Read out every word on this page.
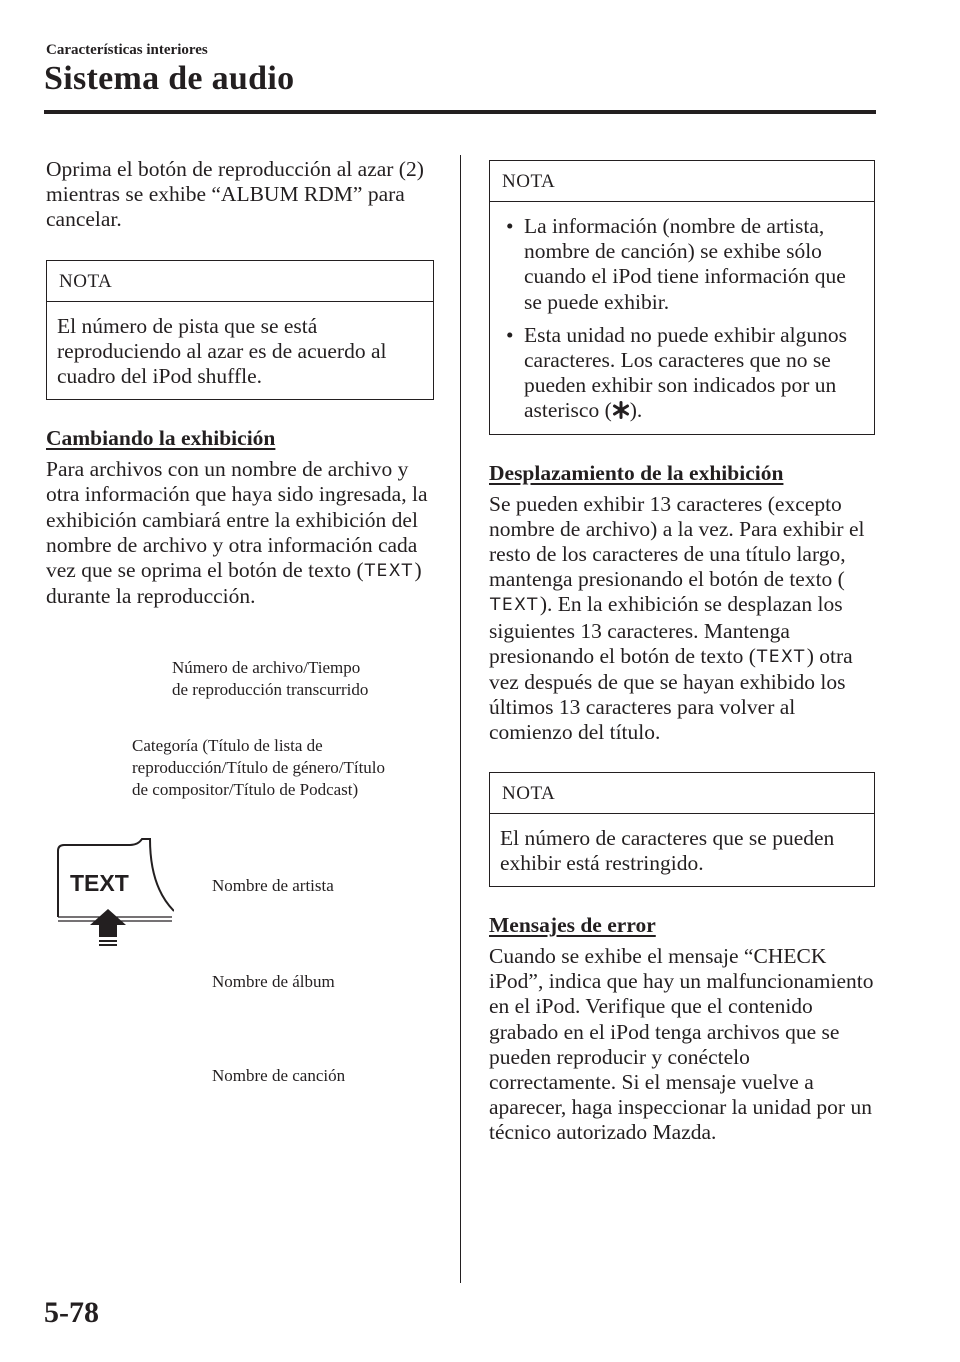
Características interiores
Sistema de audio

Oprima el botón de reproducción al azar (2) mientras se exhibe “ALBUM RDM” para cancelar.

NOTA

El número de pista que se está reproduciendo al azar es de acuerdo al cuadro del iPod shuffle.

Cambiando la exhibición

Para archivos con un nombre de archivo y otra información que haya sido ingresada, la exhibición cambiará entre la exhibición del nombre de archivo y otra información cada vez que se oprima el botón de texto (TEXT) durante la reproducción.

Número de archivo/Tiempo
de reproducción transcurrido
Categoría (Título de lista de
reproducción/Título de género/Título
de compositor/Título de Podcast)
TEXT	Nombre de artista
Nombre de álbum
Nombre de canción
NOTA
• La información (nombre de artista, nombre de canción) se exhibe sólo cuando el iPod tiene información que se puede exhibir.
• Esta unidad no puede exhibir algunos caracteres. Los caracteres que no se pueden exhibir son indicados por un asterisco ( ).
Desplazamiento de la exhibición

Se pueden exhibir 13 caracteres (excepto nombre de archivo) a la vez. Para exhibir el resto de los caracteres de una título largo, mantenga presionando el botón de texto (TEXT). En la exhibición se desplazan los siguientes 13 caracteres. Mantenga presionando el botón de texto (TEXT) otra vez después de que se hayan exhibido los últimos 13 caracteres para volver al comienzo del título.

NOTA

El número de caracteres que se pueden exhibir está restringido.

Mensajes de error

Cuando se exhibe el mensaje “CHECK iPod”, indica que hay un malfuncionamiento en el iPod. Verifique que el contenido grabado en el iPod tenga archivos que se pueden reproducir y conéctelo correctamente. Si el mensaje vuelve a aparecer, haga inspeccionar la unidad por un técnico autorizado Mazda.

5-78
